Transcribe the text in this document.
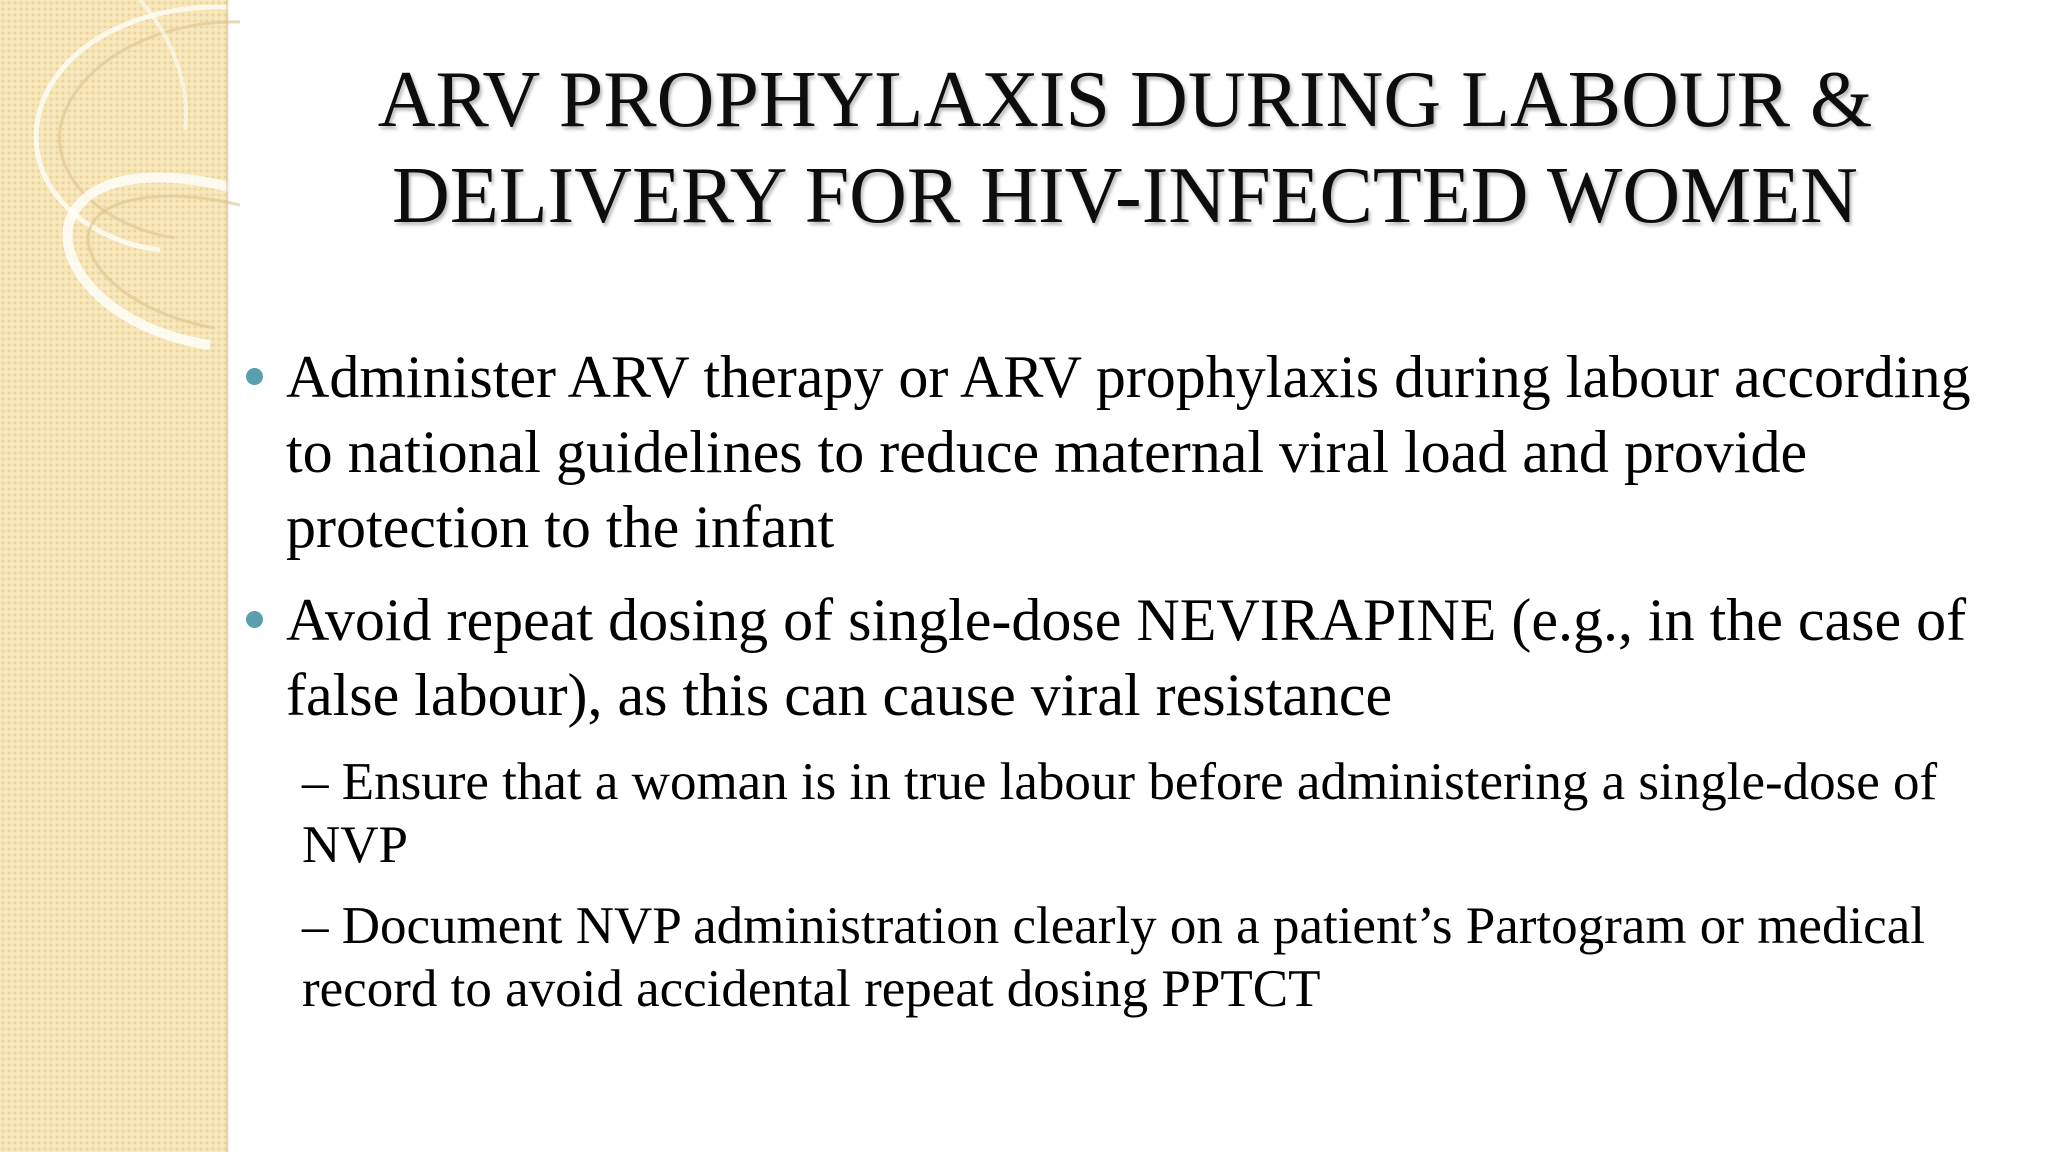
ARV PROPHYLAXIS DURING LABOUR &
DELIVERY FOR HIV-INFECTED WOMEN
Administer ARV therapy or ARV prophylaxis during labour according to national guidelines to reduce maternal viral load and provide protection to the infant
Avoid repeat dosing of single-dose NEVIRAPINE (e.g., in the case of false labour), as this can cause viral resistance
– Ensure that a woman is in true labour before administering a single-dose of NVP
– Document NVP administration clearly on a patient’s Partogram or medical record to avoid accidental repeat dosing PPTCT
